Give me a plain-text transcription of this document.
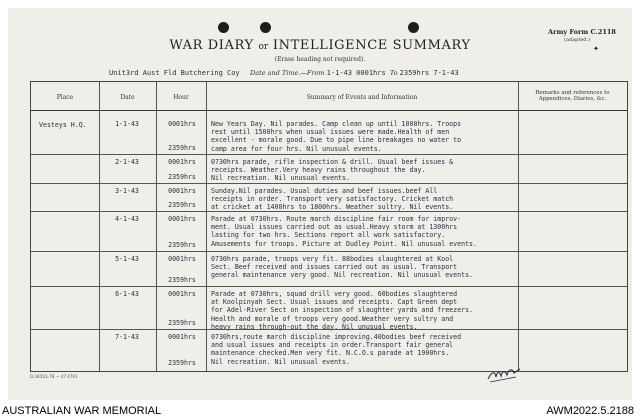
WAR DIARY or INTELLIGENCE SUMMARY
(Erase heading not required).
Army Form C.2118
(adapted.)
✦
Unit3rd Aust Fld Butchering Coy Date and Time.—From 1-1-43 0001hrs To 2359hrs 7-1-43
Place	Date	Hour	Summary of Events and Information
Remarks and references to Appendices, Diaries, &c.
Vesteys H.Q.	1-1-43	0001hrs
2359hrs
New Years Day. Nil parades. Camp clean up until 1000hrs. Troops
rest until 1500hrs when usual issues were made.Health of men
excellent - morale good. Due to pipe line breakages no water to
camp area for four hrs. Nil unusual events.
2-1-43	0001hrs
2359hrs
0730hrs parade, rifle inspection & drill. Usual beef issues &
receipts. Weather.Very heavy rains throughout the day.
Nil recreation. Nil unusual events.
3-1-43	0001hrs
2359hrs
Sunday.Nil parades. Usual duties and beef issues.beef All
receipts in order. Transport very satisfactory. Cricket match
at cricket at 1400hrs to 1800hrs. Weather sultry. Nil events.
4-1-43	0001hrs
2359hrs
Parade at 0730hrs. Route march discipline fair room for improv-
ment. Usual issues carried out as usual.Heavy storm at 1300hrs
lasting for two hrs. Sections report all work satisfactory.
Amusements for troops. Picture at Dudley Point. Nil unusual events.
5-1-43	0001hrs
2359hrs
0730hrs parade, troops very fit. 88bodies slaughtered at Kool
Sect. Beef received and issues carried out as usual. Transport
general maintenance very good. Nil recreation. Nil unusual events.
6-1-43	0001hrs
2359hrs
Parade at 0730hrs, squad drill very good. 60bodies slaughtered
at Koolpinyah Sect. Usual issues and receipts. Capt Green dept
for Adel-River Sect on inspection of slaughter yards and freezers.
Health and morale of troops very good.Weather very sultry and
heavy rains through-out the day. Nil unusual events.
7-1-43	0001hrs
2359hrs
0730hrs,route march discipline improving.40bodies beef received
and usual issues and receipts in order.Transport fair general
maintenance checked.Men very fit. N.C.O.s parade at 1900hrs.
Nil recreation. Nil unusual events.
D.3401/L.T8 — 47 4791
AUSTRALIAN WAR MEMORIAL	AWM2022.5.2188
